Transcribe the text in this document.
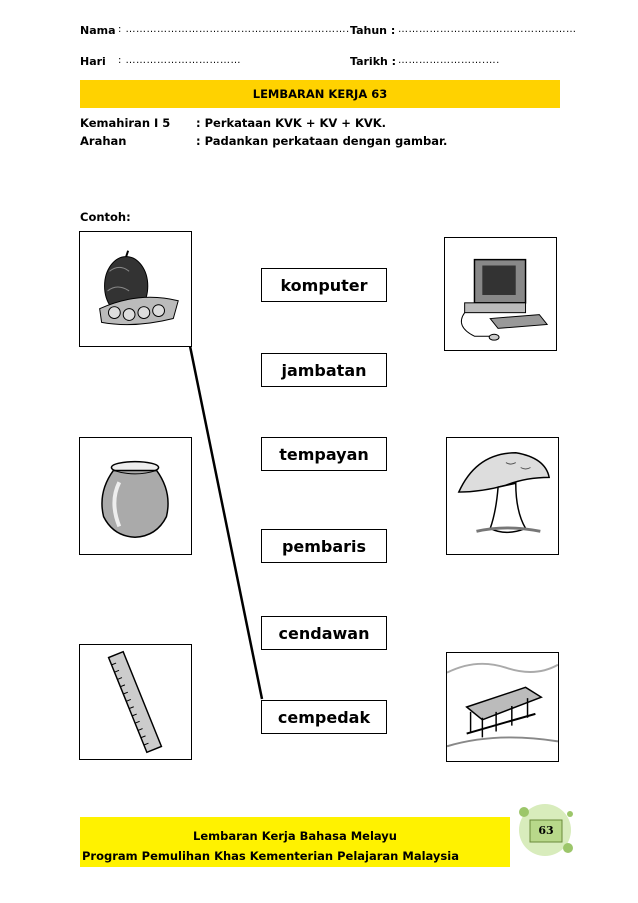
Nama : ………………………………………………………. Tahun : ……………………………………………
Hari : ……………………………	Tarikh : …………………….….
LEMBARAN KERJA 63
Kemahiran I 5 : Perkataan KVK + KV + KVK.
Arahan	: Padankan perkataan dengan gambar.
Contoh:
komputer
jambatan
tempayan
pembaris
cendawan
cempedak
Lembaran Kerja Bahasa Melayu
Program Pemulihan Khas Kementerian Pelajaran Malaysia
63
